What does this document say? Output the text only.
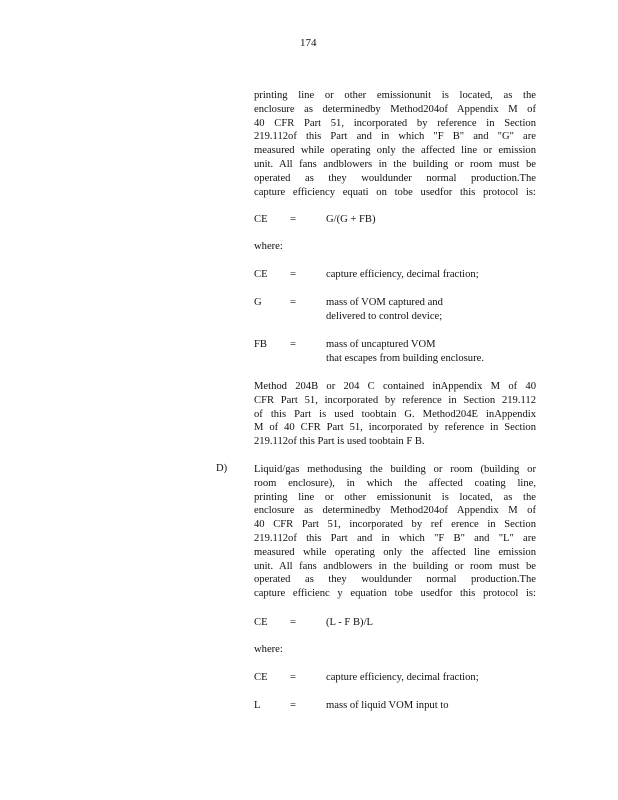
174
printing line or other emissionunit is located, as the
enclosure as determinedby Method204of Appendix M of
40 CFR Part 51, incorporated by reference in Section
219.112of this Part and in which "F B" and "G" are
measured while operating only the affected line or emission
unit. All fans andblowers in the building or room must be
operated as they wouldunder normal production.The
capture efficiency equati on tobe usedfor this protocol is:
CE =	G/(G + FB)
where:
CE =	capture efficiency, decimal fraction;
G	=	mass of VOM captured and
delivered to control device;
FB =	mass of uncaptured VOM
that escapes from building enclosure.
Method 204B or 204 C contained inAppendix M of 40
CFR Part 51, incorporated by reference in Section 219.112
of this Part is used toobtain G. Method204E inAppendix
M of 40 CFR Part 51, incorporated by reference in Section
219.112of this Part is used toobtain F B.
D)	Liquid/gas methodusing the building or room (building or
room enclosure), in which the affected coating line,
printing line or other emissionunit is located, as the
enclosure as determinedby Method204of Appendix M of
40 CFR Part 51, incorporated by ref erence in Section
219.112of this Part and in which "F B" and "L" are
measured while operating only the affected line emission
unit. All fans andblowers in the building or room must be
operated as they wouldunder normal production.The
capture efficienc y equation tobe usedfor this protocol is:
CE =	(L - F B)/L
where:
CE =	capture efficiency, decimal fraction;
L	=	mass of liquid VOM input to
